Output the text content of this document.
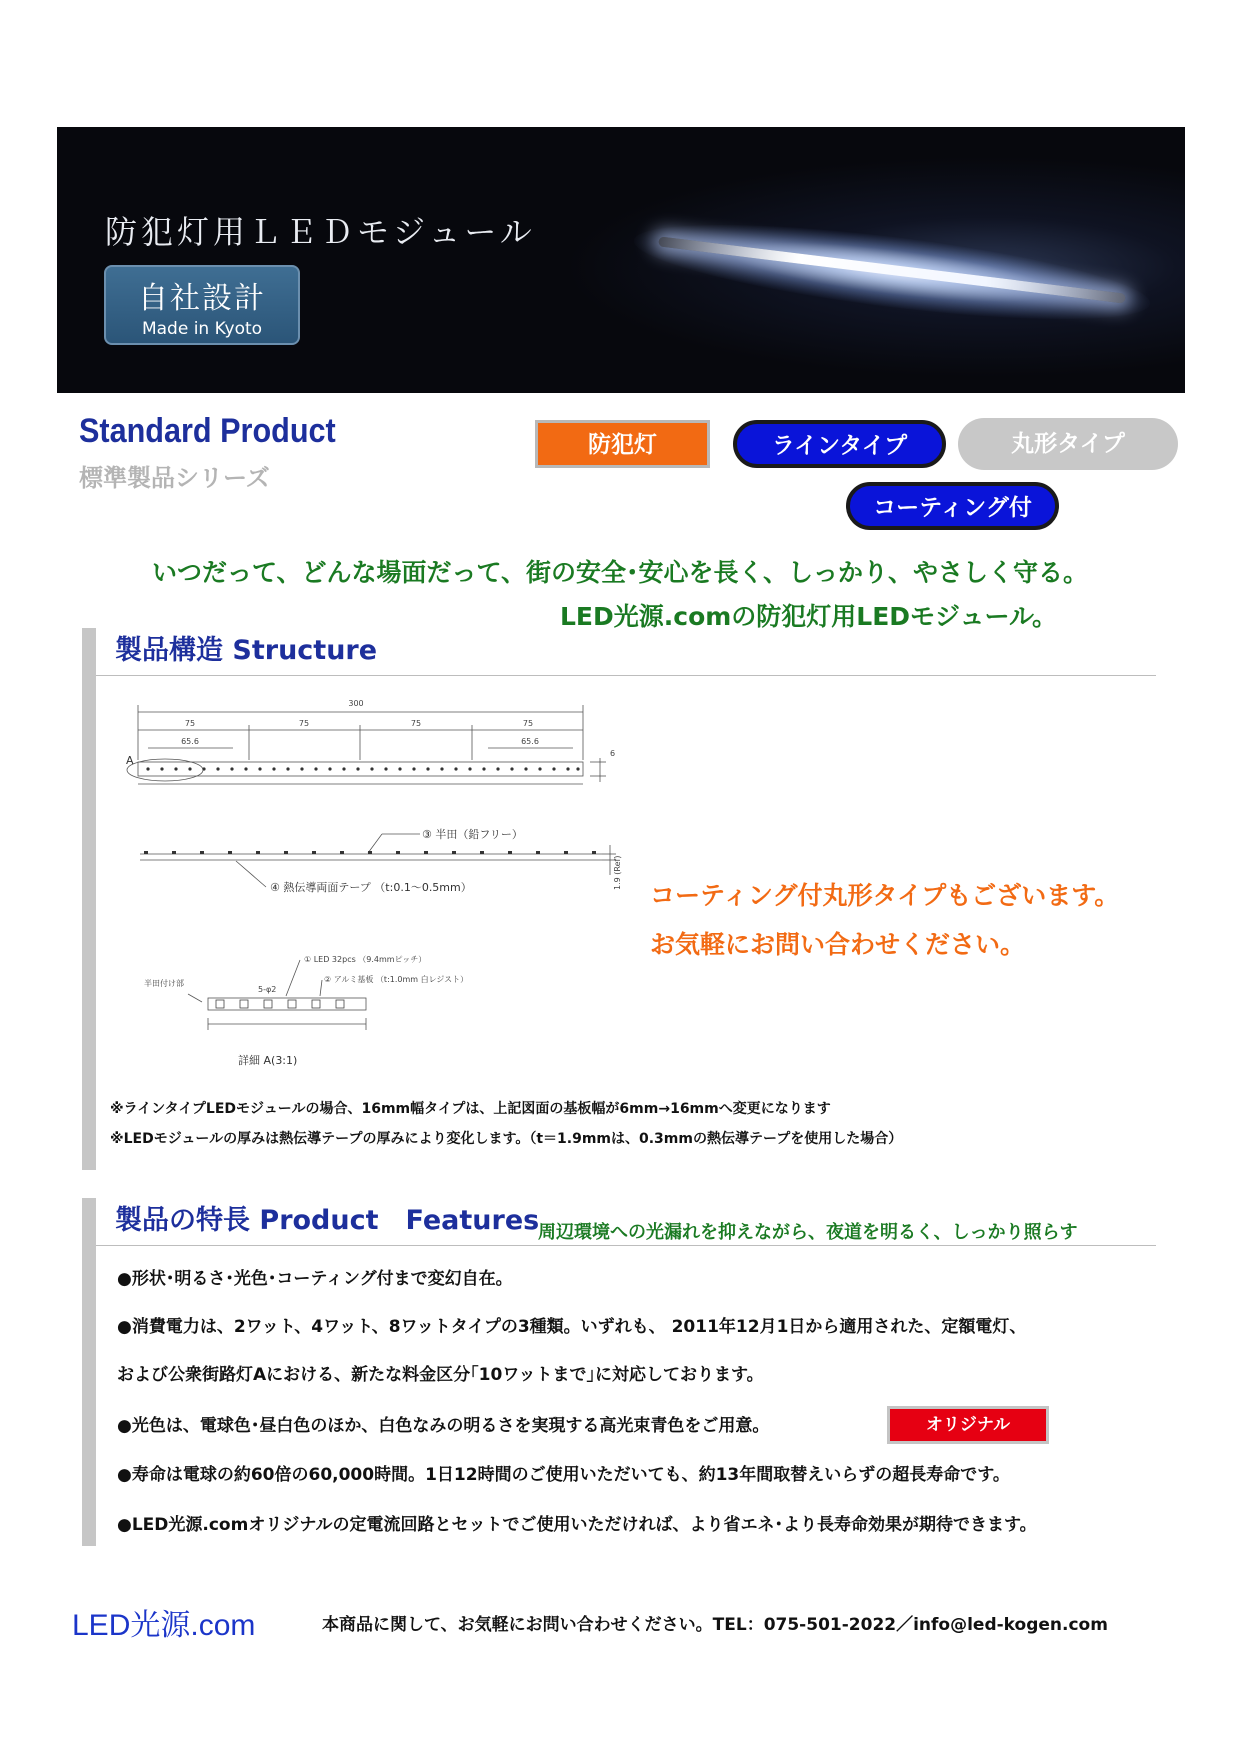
防犯灯用ＬＥＤモジュール
自社設計
Made in Kyoto
Standard Product
標準製品シリーズ
防犯灯	ラインタイプ	丸形タイプ
コーティング付
いつだって、どんな場面だって、街の安全･安心を長く、しっかり、やさしく守る。
LED光源.comの防犯灯用LEDモジュール。
製品構造 Structure
300
75	75	75	75
65.6	65.6
6
A
③ 半田（鉛フリー）
④ 熱伝導両面テープ （t:0.1～0.5mm）	1.9 (Ref)
① LED 32pcs （9.4mmピッチ）
② アルミ基板 （t:1.0mm 白レジスト）
半田付け部
5-φ2
詳細 A(3:1)
コーティング付丸形タイプもございます。
お気軽にお問い合わせください。
※ラインタイプLEDモジュールの場合、16mm幅タイプは、上記図面の基板幅が6mm→16mmへ変更になります
※LEDモジュールの厚みは熱伝導テープの厚みにより変化します。（t＝1.9mmは、0.3mmの熱伝導テープを使用した場合）
製品の特長 Product　Features
周辺環境への光漏れを抑えながら、夜道を明るく、しっかり照らす
●形状･明るさ･光色･コーティング付まで変幻自在。
●消費電力は、2ワット、4ワット、8ワットタイプの3種類。いずれも、 2011年12月1日から適用された、定額電灯、
および公衆街路灯Aにおける、新たな料金区分｢10ワットまで｣に対応しております。
●光色は、電球色･昼白色のほか、白色なみの明るさを実現する高光束青色をご用意。	オリジナル
●寿命は電球の約60倍の60,000時間。1日12時間のご使用いただいても、約13年間取替えいらずの超長寿命です。
●LED光源.comオリジナルの定電流回路とセットでご使用いただければ、より省エネ･より長寿命効果が期待できます。
LED光源.com	本商品に関して、お気軽にお問い合わせください。TEL：075-501-2022／info@led-kogen.com
